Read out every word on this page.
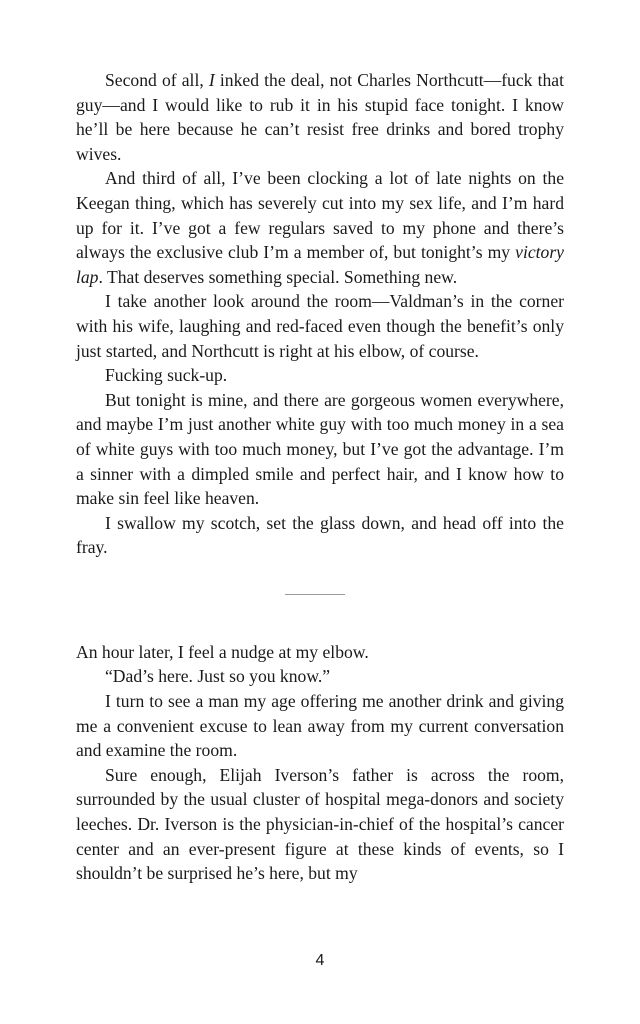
Second of all, I inked the deal, not Charles Northcutt—fuck that guy—and I would like to rub it in his stupid face tonight. I know he’ll be here because he can’t resist free drinks and bored trophy wives.

And third of all, I’ve been clocking a lot of late nights on the Keegan thing, which has severely cut into my sex life, and I’m hard up for it. I’ve got a few regulars saved to my phone and there’s always the exclusive club I’m a member of, but tonight’s my victory lap. That deserves something special. Something new.

I take another look around the room—Valdman’s in the corner with his wife, laughing and red-faced even though the benefit’s only just started, and Northcutt is right at his elbow, of course.

Fucking suck-up.

But tonight is mine, and there are gorgeous women everywhere, and maybe I’m just another white guy with too much money in a sea of white guys with too much money, but I’ve got the advantage. I’m a sinner with a dimpled smile and perfect hair, and I know how to make sin feel like heaven.

I swallow my scotch, set the glass down, and head off into the fray.

An hour later, I feel a nudge at my elbow.

“Dad’s here. Just so you know.”

I turn to see a man my age offering me another drink and giving me a convenient excuse to lean away from my current conversation and examine the room.

Sure enough, Elijah Iverson’s father is across the room, surrounded by the usual cluster of hospital mega-donors and society leeches. Dr. Iverson is the physician-in-chief of the hospital’s cancer center and an ever-present figure at these kinds of events, so I shouldn’t be surprised he’s here, but my

4
